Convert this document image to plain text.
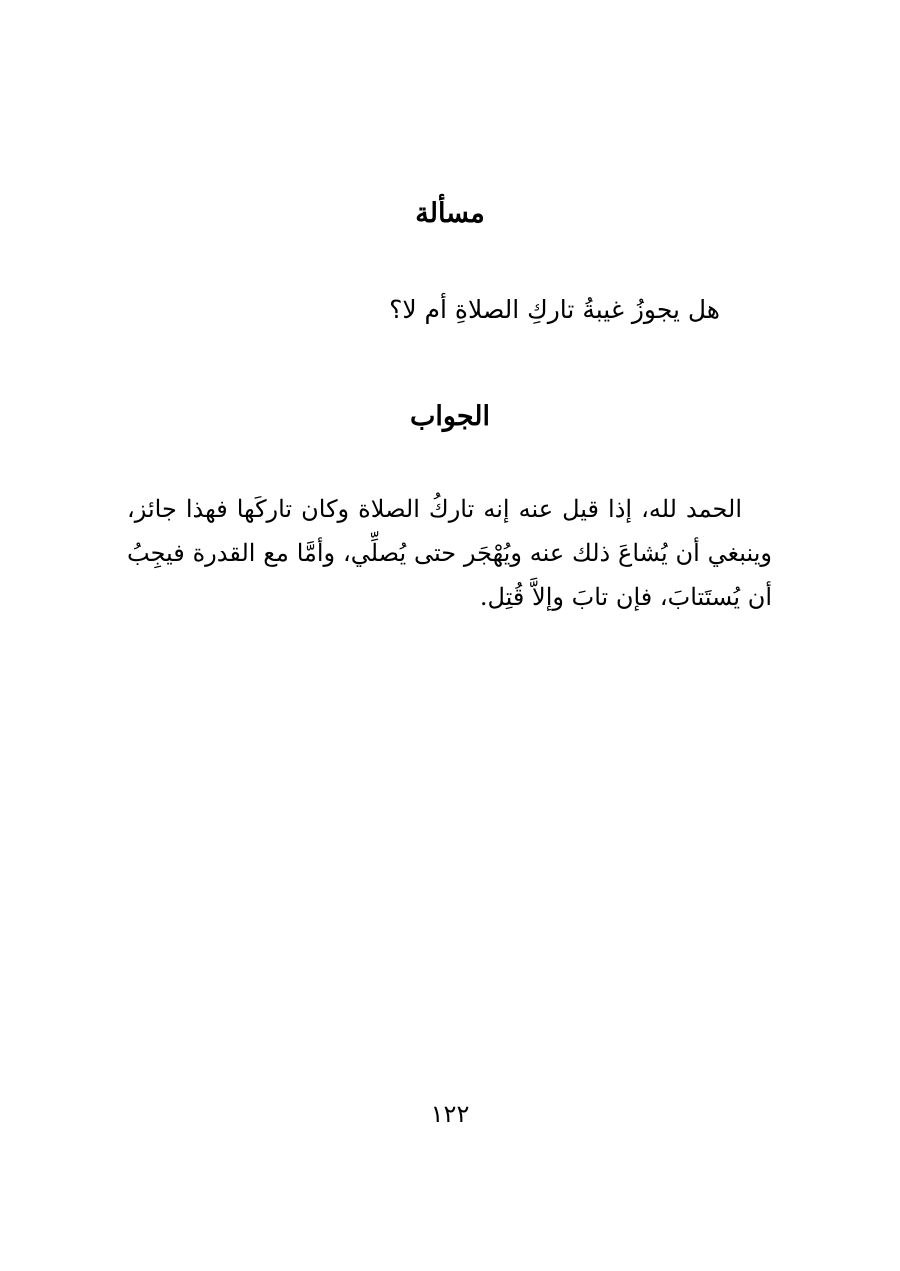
مسألة

هل يجوزُ غيبةُ تاركِ الصلاةِ أم لا؟

الجواب

الحمد لله، إذا قيل عنه إنه تاركُ الصلاة وكان تاركَها فهذا جائز، وينبغي أن يُشاعَ ذلك عنه ويُهْجَر حتى يُصلِّي، وأمَّا مع القدرة فيجِبُ أن يُستَتابَ، فإن تابَ وإلاَّ قُتِل.

١٢٢
